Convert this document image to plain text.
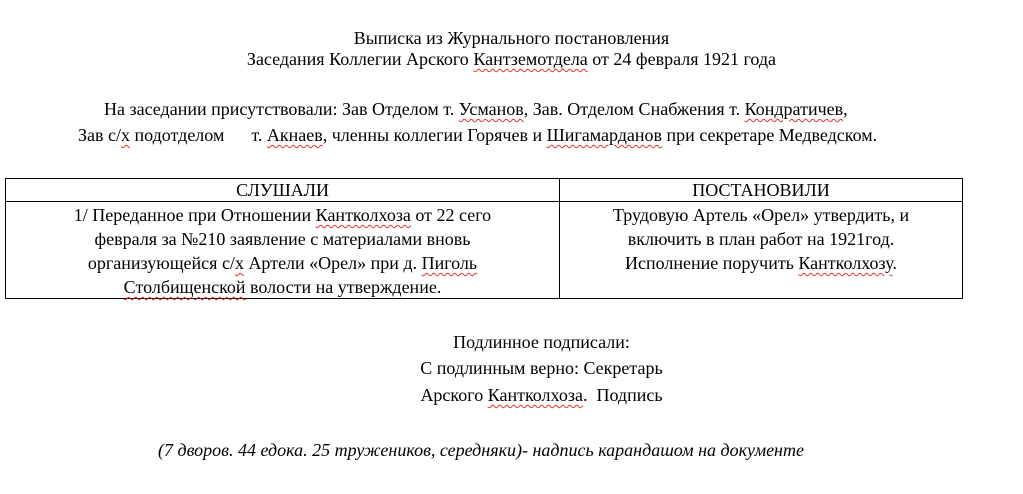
Выписка из Журнального постановления
Заседания Коллегии Арского Кантземотдела от 24 февраля 1921 года
На заседании присутствовали: Зав Отделом т. Усманов, Зав. Отделом Снабжения т. Кондратичев,
Зав с/х подотделом      т. Акнаев, членны коллегии Горячев и Шигамарданов при секретаре Медведском.
СЛУШАЛИ	ПОСТАНОВИЛИ
1/ Переданное при Отношении Кантколхоза от 22 сего
февраля за №210 заявление с материалами вновь
организующейся с/х Артели «Орел» при д. Пиголь
Столбищенской волости на утверждение.
Трудовую Артель «Орел» утвердить, и
включить в план работ на 1921год.
Исполнение поручить Кантколхозу.
Подлинное подписали:
С подлинным верно: Секретарь
Арского Кантколхоза.  Подпись
(7 дворов. 44 едока. 25 тружеников, середняки)- надпись карандашом на документе
